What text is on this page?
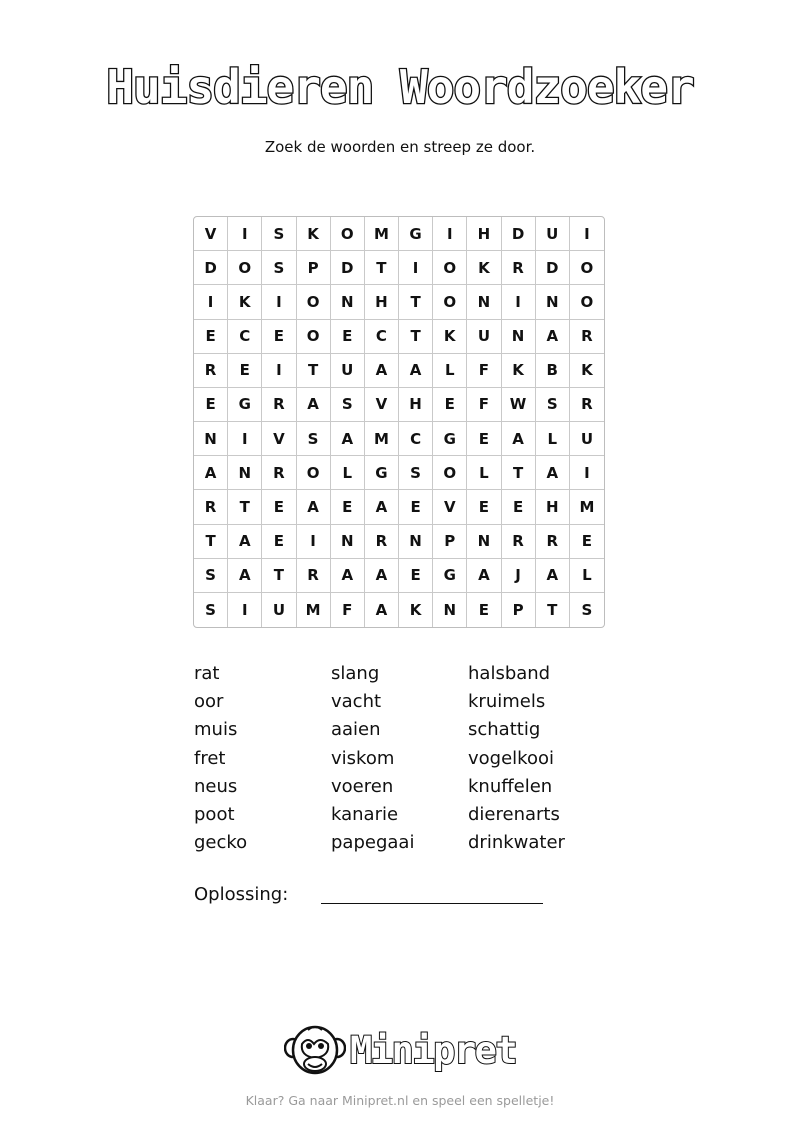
Huisdieren Woordzoeker
Zoek de woorden en streep ze door.
V	I	S	K	O	M	G	I	H	D	U	I
D	O	S	P	D	T	I	O	K	R	D	O
I	K	I	O	N	H	T	O	N	I	N	O
E	C	E	O	E	C	T	K	U	N	A	R
R	E	I	T	U	A	A	L	F	K	B	K
E	G	R	A	S	V	H	E	F	W	S	R
N	I	V	S	A	M	C	G	E	A	L	U
A	N	R	O	L	G	S	O	L	T	A	I
R	T	E	A	E	A	E	V	E	E	H	M
T	A	E	I	N	R	N	P	N	R	R	E
S	A	T	R	A	A	E	G	A	J	A	L
S	I	U	M	F	A	K	N	E	P	T	S
rat
oor
muis
fret
neus
poot
gecko
slang
vacht
aaien
viskom
voeren
kanarie
papegaai
halsband
kruimels
schattig
vogelkooi
knuffelen
dierenarts
drinkwater
Oplossing:
Minipret
Klaar? Ga naar Minipret.nl en speel een spelletje!
